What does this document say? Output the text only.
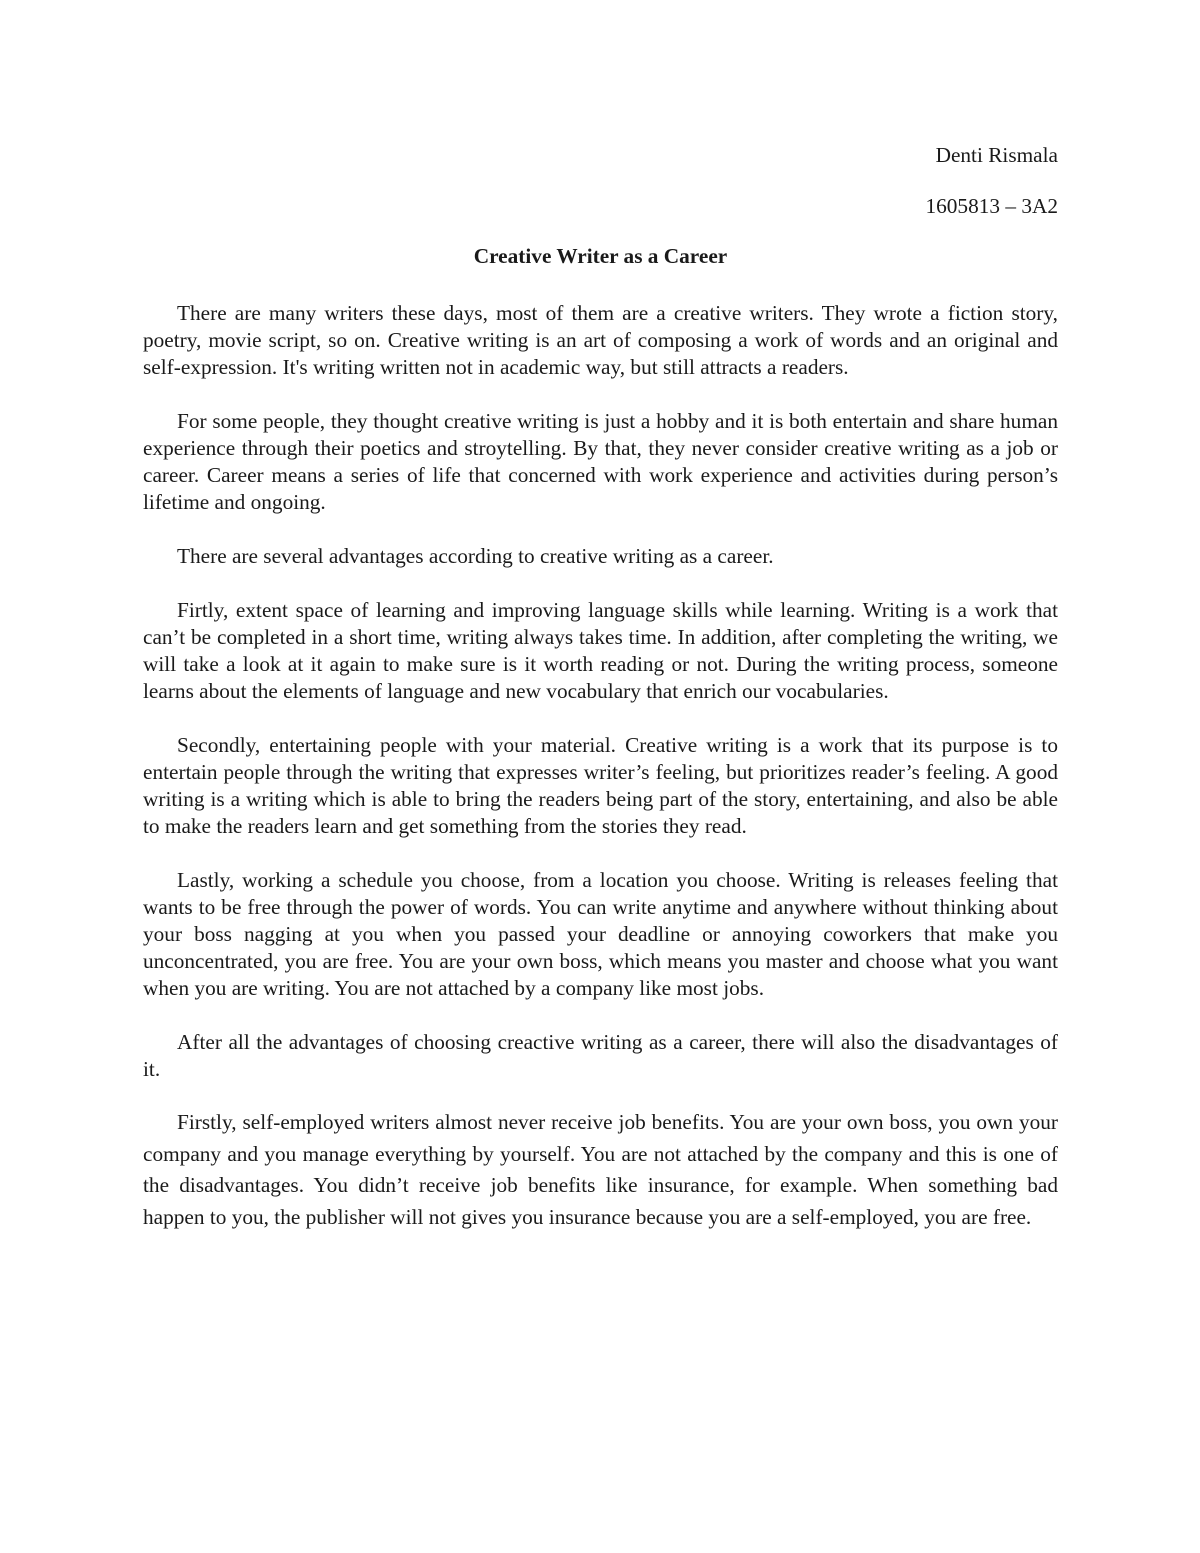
Denti Rismala

1605813 – 3A2

Creative Writer as a Career

There are many writers these days, most of them are a creative writers. They wrote a fiction story, poetry, movie script, so on. Creative writing is an art of composing a work of words and an original and self-expression. It's writing written not in academic way, but still attracts a readers.

For some people, they thought creative writing is just a hobby and it is both entertain and share human experience through their poetics and stroytelling. By that, they never consider creative writing as a job or career. Career means a series of life that concerned with work experience and activities during person’s lifetime and ongoing.

There are several advantages according to creative writing as a career.

Firtly, extent space of learning and improving language skills while learning. Writing is a work that can’t be completed in a short time, writing always takes time. In addition, after completing the writing, we will take a look at it again to make sure is it worth reading or not. During the writing process, someone learns about the elements of language and new vocabulary that enrich our vocabularies.

Secondly, entertaining people with your material. Creative writing is a work that its purpose is to entertain people through the writing that expresses writer’s feeling, but prioritizes reader’s feeling. A good writing is a writing which is able to bring the readers being part of the story, entertaining, and also be able to make the readers learn and get something from the stories they read.

Lastly, working a schedule you choose, from a location you choose. Writing is releases feeling that wants to be free through the power of words. You can write anytime and anywhere without thinking about your boss nagging at you when you passed your deadline or annoying coworkers that make you unconcentrated, you are free. You are your own boss, which means you master and choose what you want when you are writing. You are not attached by a company like most jobs.

After all the advantages of choosing creactive writing as a career, there will also the disadvantages of it.

Firstly, self-employed writers almost never receive job benefits. You are your own boss, you own your company and you manage everything by yourself. You are not attached by the company and this is one of the disadvantages. You didn’t receive job benefits like insurance, for example. When something bad happen to you, the publisher will not gives you insurance because you are a self-employed, you are free.
